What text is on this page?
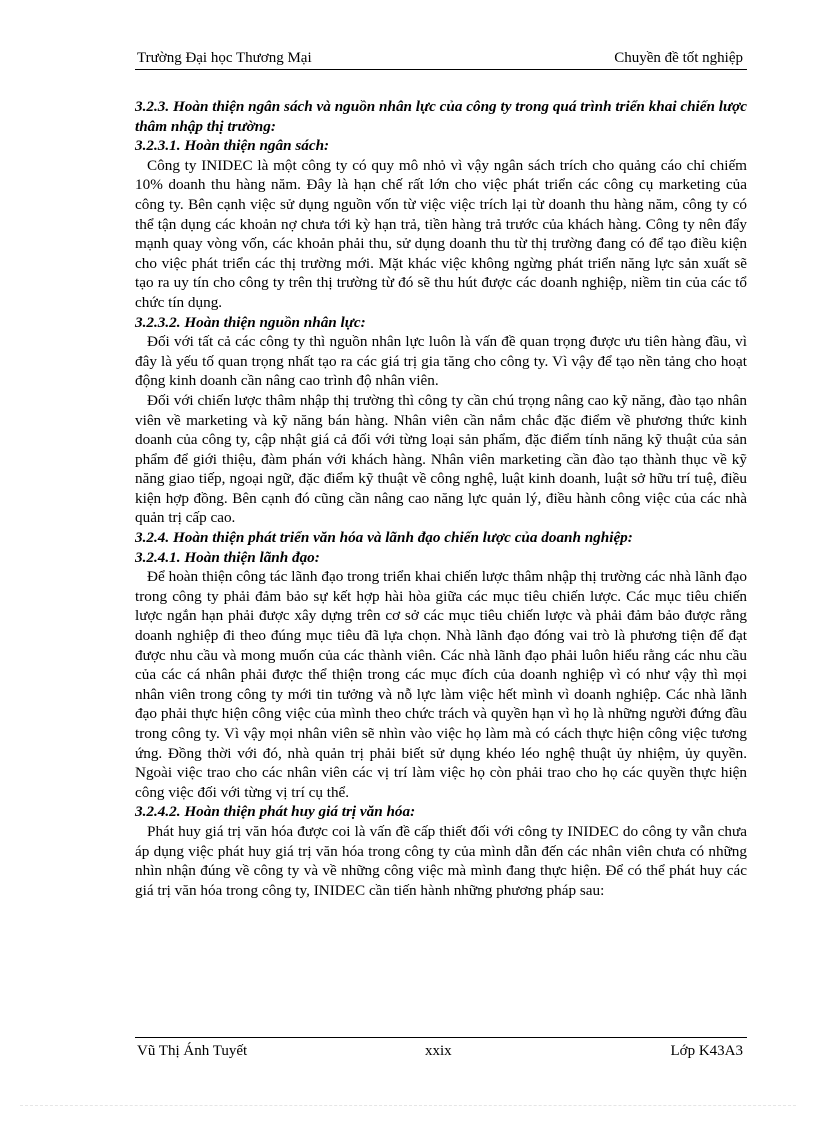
Trường Đại học Thương Mại	Chuyền đề tốt nghiệp

3.2.3. Hoàn thiện ngân sách và nguồn nhân lực của công ty trong quá trình triển khai chiến lược thâm nhập thị trường:

3.2.3.1. Hoàn thiện ngân sách:

Công ty INIDEC là một công ty có quy mô nhỏ vì vậy ngân sách trích cho quảng cáo chỉ chiếm 10% doanh thu hàng năm. Đây là hạn chế rất lớn cho việc phát triển các công cụ marketing của công ty. Bên cạnh việc sử dụng nguồn vốn từ việc việc trích lại từ doanh thu hàng năm, công ty có thể tận dụng các khoản nợ chưa tới kỳ hạn trả, tiền hàng trả trước của khách hàng. Công ty nên đẩy mạnh quay vòng vốn, các khoản phải thu, sử dụng doanh thu từ thị trường đang có để tạo điều kiện cho việc phát triển các thị trường mới. Mặt khác việc không ngừng phát triển năng lực sản xuất sẽ tạo ra uy tín cho công ty trên thị trường từ đó sẽ thu hút được các doanh nghiệp, niềm tin của các tổ chức tín dụng.

3.2.3.2. Hoàn thiện nguồn nhân lực:

Đối với tất cả các công ty thì nguồn nhân lực luôn là vấn đề quan trọng được ưu tiên hàng đầu, vì đây là yếu tố quan trọng nhất tạo ra các giá trị gia tăng cho công ty. Vì vậy để tạo nền tảng cho hoạt động kinh doanh cần nâng cao trình độ nhân viên.

Đối với chiến lược thâm nhập thị trường thì công ty cần chú trọng nâng cao kỹ năng, đào tạo nhân viên về marketing và kỹ năng bán hàng. Nhân viên cần nắm chắc đặc điểm về phương thức kinh doanh của công ty, cập nhật giá cả đối với từng loại sản phẩm, đặc điểm tính năng kỹ thuật của sản phẩm để giới thiệu, đàm phán với khách hàng. Nhân viên marketing cần đào tạo thành thục về kỹ năng giao tiếp, ngoại ngữ, đặc điểm kỹ thuật về công nghệ, luật kinh doanh, luật sở hữu trí tuệ, điều kiện hợp đồng. Bên cạnh đó cũng cần nâng cao năng lực quản lý, điều hành công việc của các nhà quản trị cấp cao.

3.2.4. Hoàn thiện phát triển văn hóa và lãnh đạo chiến lược của doanh nghiệp:

3.2.4.1. Hoàn thiện lãnh đạo:

Để hoàn thiện công tác lãnh đạo trong triển khai chiến lược thâm nhập thị trường các nhà lãnh đạo trong công ty phải đảm bảo sự kết hợp hài hòa giữa các mục tiêu chiến lược. Các mục tiêu chiến lược ngắn hạn phải được xây dựng trên cơ sở các mục tiêu chiến lược và phải đảm bảo được rằng doanh nghiệp đi theo đúng mục tiêu đã lựa chọn. Nhà lãnh đạo đóng vai trò là phương tiện để đạt được nhu cầu và mong muốn của các thành viên. Các nhà lãnh đạo phải luôn hiểu rằng các nhu cầu của các cá nhân phải được thể thiện trong các mục đích của doanh nghiệp vì có như vậy thì mọi nhân viên trong công ty mới tin tưởng và nỗ lực làm việc hết mình vì doanh nghiệp. Các nhà lãnh đạo phải thực hiện công việc của mình theo chức trách và quyền hạn vì họ là những người đứng đầu trong công ty. Vì vậy mọi nhân viên sẽ nhìn vào việc họ làm mà có cách thực hiện công việc tương ứng. Đồng thời với đó, nhà quản trị phải biết sử dụng khéo léo nghệ thuật ủy nhiệm, ủy quyền. Ngoài việc trao cho các nhân viên các vị trí làm việc họ còn phải trao cho họ các quyền thực hiện công việc đối với từng vị trí cụ thể.

3.2.4.2. Hoàn thiện phát huy giá trị văn hóa:

Phát huy giá trị văn hóa được coi là vấn đề cấp thiết đối với công ty INIDEC do công ty vẫn chưa áp dụng việc phát huy giá trị văn hóa trong công ty của mình dẫn đến các nhân viên chưa có những nhìn nhận đúng về công ty và về những công việc mà mình đang thực hiện. Để có thể phát huy các giá trị văn hóa trong công ty, INIDEC cần tiến hành những phương pháp sau:

Vũ Thị Ánh Tuyết	xxix	Lớp K43A3
